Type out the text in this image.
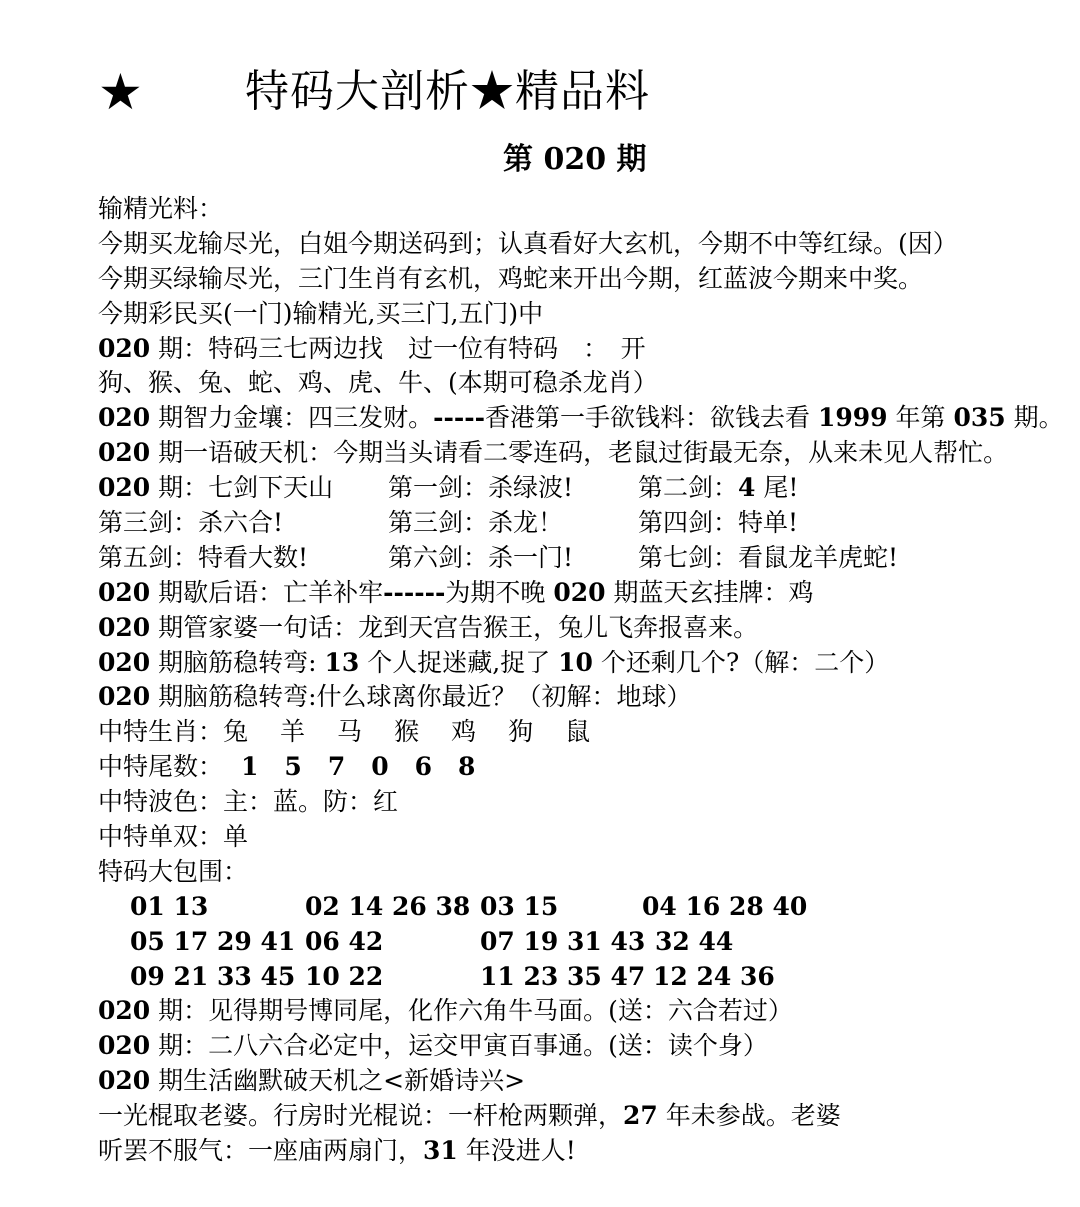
★ 特码大剖析★精品料
第 020 期
输精光料：
今期买龙输尽光，白姐今期送码到；认真看好大玄机，今期不中等红绿。(因）
今期买绿输尽光，三门生肖有玄机，鸡蛇来开出今期，红蓝波今期来中奖。
今期彩民买(一门)输精光,买三门,五门)中
020 期：特码三七两边找　过一位有特码　：　开
狗、猴、兔、蛇、鸡、虎、牛、(本期可稳杀龙肖）
020 期智力金壤：四三发财。-----香港第一手欲钱料：欲钱去看 1999 年第 035 期。
020 期一语破天机：今期当头请看二零连码，老鼠过街最无奈，从来未见人帮忙。
020 期：七剑下天山 第一剑：杀绿波!	第二剑：4 尾!
第三剑：杀六合!	第三剑：杀龙！	第四剑：特单!
第五剑：特看大数!	第六剑：杀一门!	第七剑：看鼠龙羊虎蛇!
020 期歇后语：亡羊补牢------为期不晚 020 期蓝天玄挂牌：鸡
020 期管家婆一句话：龙到天宫告猴王，兔儿飞奔报喜来。
020 期脑筋稳转弯: 13 个人捉迷藏,捉了 10 个还剩几个?（解：二个）
020 期脑筋稳转弯:什么球离你最近？（初解：地球）
中特生肖：兔 羊 马 猴 鸡 狗 鼠
中特尾数： 1 5 7 0 6 8
中特波色：主：蓝。防：红
中特单双：单
特码大包围：
01 13	02 14 26 38 03 15	04 16 28 40
05 17 29 41 06 42	07 19 31 43 32 44
09 21 33 45 10 22	11 23 35 47 12 24 36
020 期：见得期号博同尾，化作六角牛马面。(送：六合若过）
020 期：二八六合必定中，运交甲寅百事通。(送：读个身）
020 期生活幽默破天机之<新婚诗兴>
一光棍取老婆。行房时光棍说：一杆枪两颗弹，27 年未参战。老婆
听罢不服气：一座庙两扇门，31 年没进人!
